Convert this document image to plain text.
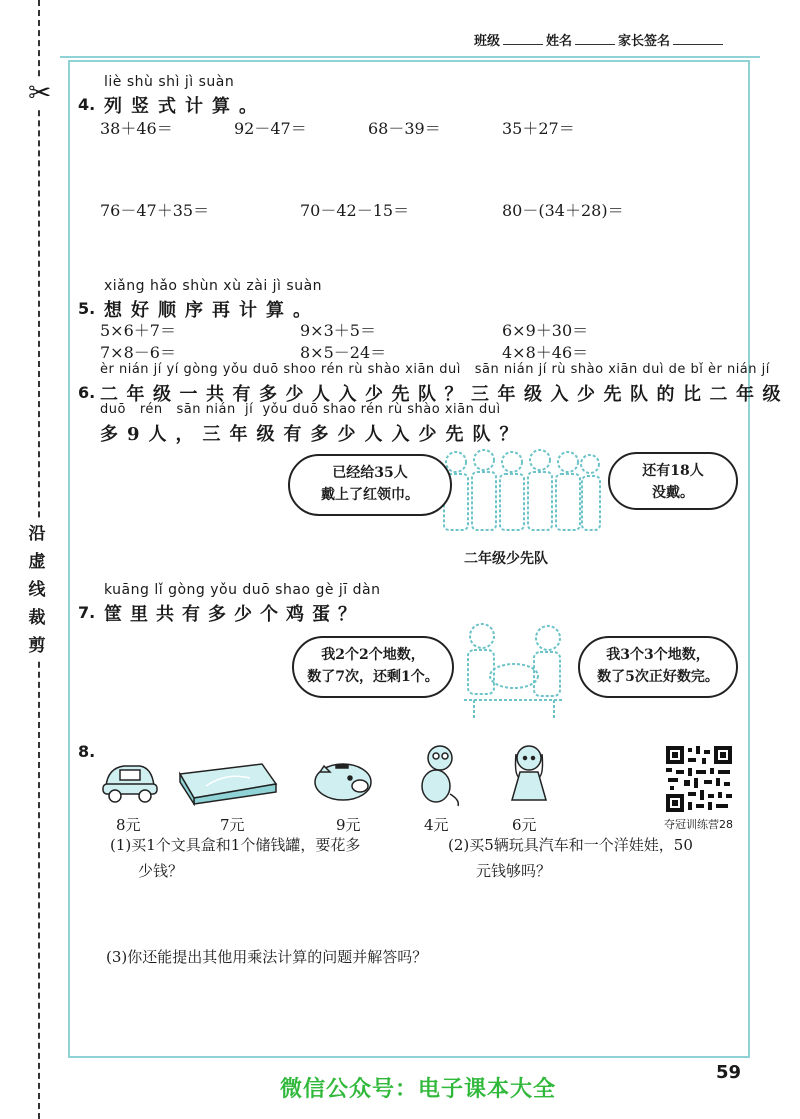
✂
沿
虚
线
裁
剪
班级	姓名	家长签名
liè shù shì jì suàn
4. 列竖式计算。
38＋46＝	92－47＝	68－39＝	35＋27＝
76－47＋35＝	70－42－15＝	80－(34＋28)＝
xiǎng hǎo shùn xù zài jì suàn
5. 想好顺序再计算。
5×6＋7＝	9×3＋5＝	6×9＋30＝
7×8－6＝	8×5－24＝	4×8＋46＝
èr nián jí yí gòng yǒu duō shoo rén rù shào xiān duì   sān nián jí rù shào xiān duì de bǐ èr nián jí
6. 二年级一共有多少人入少先队？三年级入少先队的比二年级
duō   rén   sān nián  jí  yǒu duō shao rén rù shào xiān duì
多9人，三年级有多少人入少先队？
已经给35人
戴上了红领巾。
还有18人
没戴。
二年级少先队
kuāng lǐ gòng yǒu duō shao gè jī dàn
7. 筐里共有多少个鸡蛋？
我2个2个地数，
数了7次，还剩1个。
我3个3个地数，
数了5次正好数完。
8.
8元	7元	9元	4元	6元	夺冠训练营28
(1)买1个文具盒和1个储钱罐，要花多
少钱？
(2)买5辆玩具汽车和一个洋娃娃，50
元钱够吗？
(3)你还能提出其他用乘法计算的问题并解答吗？
59
微信公众号：电子课本大全
